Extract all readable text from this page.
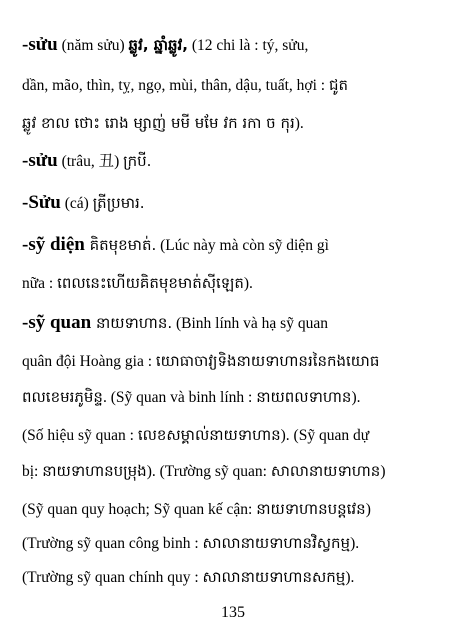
-sửu (năm sửu) ឆ្លូវ, ឆ្នាំឆ្លូវ, (12 chi là : tý, sửu,
dần, mão, thìn, tỵ, ngọ, mùi, thân, dậu, tuất, hợi : ជូត
ឆ្លូវ ខាល ថោះ រោង ម្សាញ់ មមី មមែ វក រកា ច កុរ).
-sửu (trâu, 丑) ក្របី.
-Sửu (cá) ត្រីប្រមារ.
-sỹ diện គិតមុខមាត់. (Lúc này mà còn sỹ diện gì
nữa : ពេលនេះហើយគិតមុខមាត់ស៊ីឡេត).
-sỹ quan នាយទាហាន. (Binh lính và hạ sỹ quan
quân đội Hoàng gia : យោធាចាវ្យទិងនាយទាហានរនៃកងយោធ
ពលខេមរភូមិន្ទ. (Sỹ quan và binh lính : នាយពលទាហាន).
(Số hiệu sỹ quan : លេខសម្គាល់នាយទាហាន). (Sỹ quan dự
bị: នាយទាហានបម្រុង). (Trường sỹ quan: សាលានាយទាហាន)
(Sỹ quan quy hoạch; Sỹ quan kế cận: នាយទាហានបន្តវេន)
(Trường sỹ quan công binh : សាលានាយទាហានវិស្វកម្ម).
(Trường sỹ quan chính quy : សាលានាយទាហានសកម្ម).
135
